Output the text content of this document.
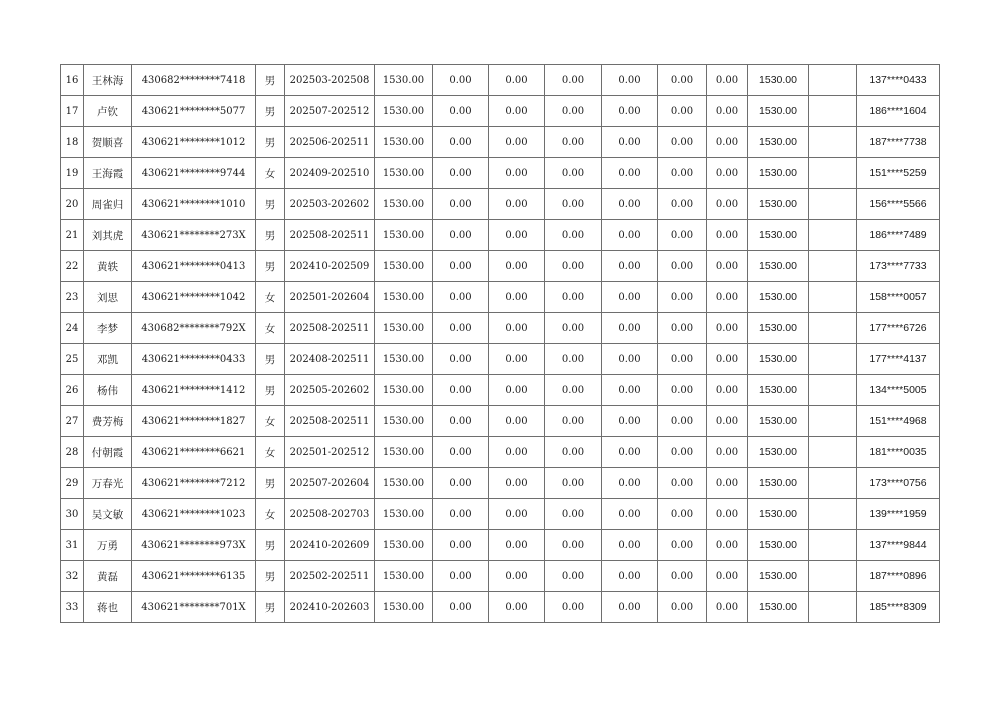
16	王林海	430682********7418	男	202503-202508	1530.00	0.00	0.00	0.00	0.00	0.00	0.00	1530.00		137****0433
17	卢钦	430621********5077	男	202507-202512	1530.00	0.00	0.00	0.00	0.00	0.00	0.00	1530.00		186****1604
18	贺顺喜	430621********1012	男	202506-202511	1530.00	0.00	0.00	0.00	0.00	0.00	0.00	1530.00		187****7738
19	王海霞	430621********9744	女	202409-202510	1530.00	0.00	0.00	0.00	0.00	0.00	0.00	1530.00		151****5259
20	周雀归	430621********1010	男	202503-202602	1530.00	0.00	0.00	0.00	0.00	0.00	0.00	1530.00		156****5566
21	刘其虎	430621********273X	男	202508-202511	1530.00	0.00	0.00	0.00	0.00	0.00	0.00	1530.00		186****7489
22	黄轶	430621********0413	男	202410-202509	1530.00	0.00	0.00	0.00	0.00	0.00	0.00	1530.00		173****7733
23	刘思	430621********1042	女	202501-202604	1530.00	0.00	0.00	0.00	0.00	0.00	0.00	1530.00		158****0057
24	李梦	430682********792X	女	202508-202511	1530.00	0.00	0.00	0.00	0.00	0.00	0.00	1530.00		177****6726
25	邓凯	430621********0433	男	202408-202511	1530.00	0.00	0.00	0.00	0.00	0.00	0.00	1530.00		177****4137
26	杨伟	430621********1412	男	202505-202602	1530.00	0.00	0.00	0.00	0.00	0.00	0.00	1530.00		134****5005
27	费芳梅	430621********1827	女	202508-202511	1530.00	0.00	0.00	0.00	0.00	0.00	0.00	1530.00		151****4968
28	付朝霞	430621********6621	女	202501-202512	1530.00	0.00	0.00	0.00	0.00	0.00	0.00	1530.00		181****0035
29	万春光	430621********7212	男	202507-202604	1530.00	0.00	0.00	0.00	0.00	0.00	0.00	1530.00		173****0756
30	吴文敏	430621********1023	女	202508-202703	1530.00	0.00	0.00	0.00	0.00	0.00	0.00	1530.00		139****1959
31	万勇	430621********973X	男	202410-202609	1530.00	0.00	0.00	0.00	0.00	0.00	0.00	1530.00		137****9844
32	黄磊	430621********6135	男	202502-202511	1530.00	0.00	0.00	0.00	0.00	0.00	0.00	1530.00		187****0896
33	蒋也	430621********701X	男	202410-202603	1530.00	0.00	0.00	0.00	0.00	0.00	0.00	1530.00		185****8309
